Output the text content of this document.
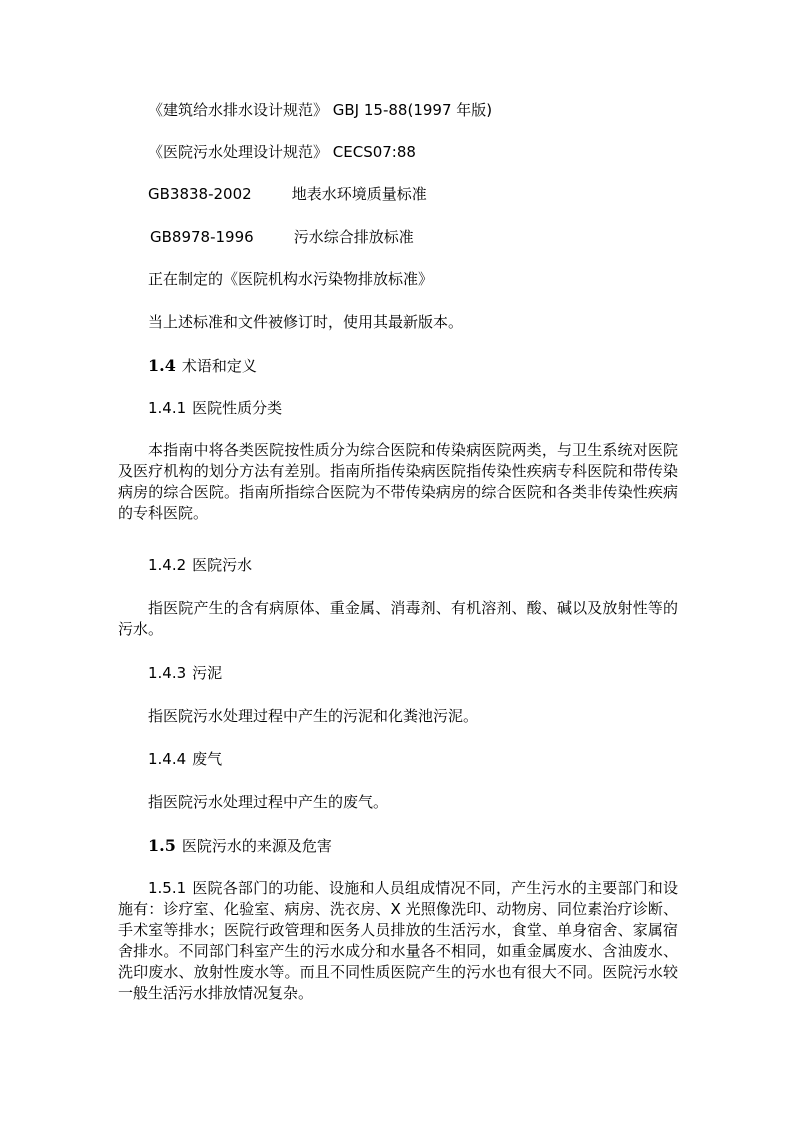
《建筑给水排水设计规范》 GBJ 15-88(1997 年版)
《医院污水处理设计规范》 CECS07:88
GB3838-2002	地表水环境质量标准
GB8978-1996	污水综合排放标准
正在制定的《医院机构水污染物排放标准》
当上述标准和文件被修订时，使用其最新版本。
1.4 术语和定义
1.4.1 医院性质分类

本指南中将各类医院按性质分为综合医院和传染病医院两类，与卫生系统对医院及医疗机构的划分方法有差别。指南所指传染病医院指传染性疾病专科医院和带传染病房的综合医院。指南所指综合医院为不带传染病房的综合医院和各类非传染性疾病的专科医院。

1.4.2 医院污水

指医院产生的含有病原体、重金属、消毒剂、有机溶剂、酸、碱以及放射性等的污水。

1.4.3 污泥

指医院污水处理过程中产生的污泥和化粪池污泥。

1.4.4 废气

指医院污水处理过程中产生的废气。

1.5 医院污水的来源及危害

1.5.1 医院各部门的功能、设施和人员组成情况不同，产生污水的主要部门和设施有：诊疗室、化验室、病房、洗衣房、X 光照像洗印、动物房、同位素治疗诊断、手术室等排水；医院行政管理和医务人员排放的生活污水，食堂、单身宿舍、家属宿舍排水。不同部门科室产生的污水成分和水量各不相同，如重金属废水、含油废水、洗印废水、放射性废水等。而且不同性质医院产生的污水也有很大不同。医院污水较一般生活污水排放情况复杂。
